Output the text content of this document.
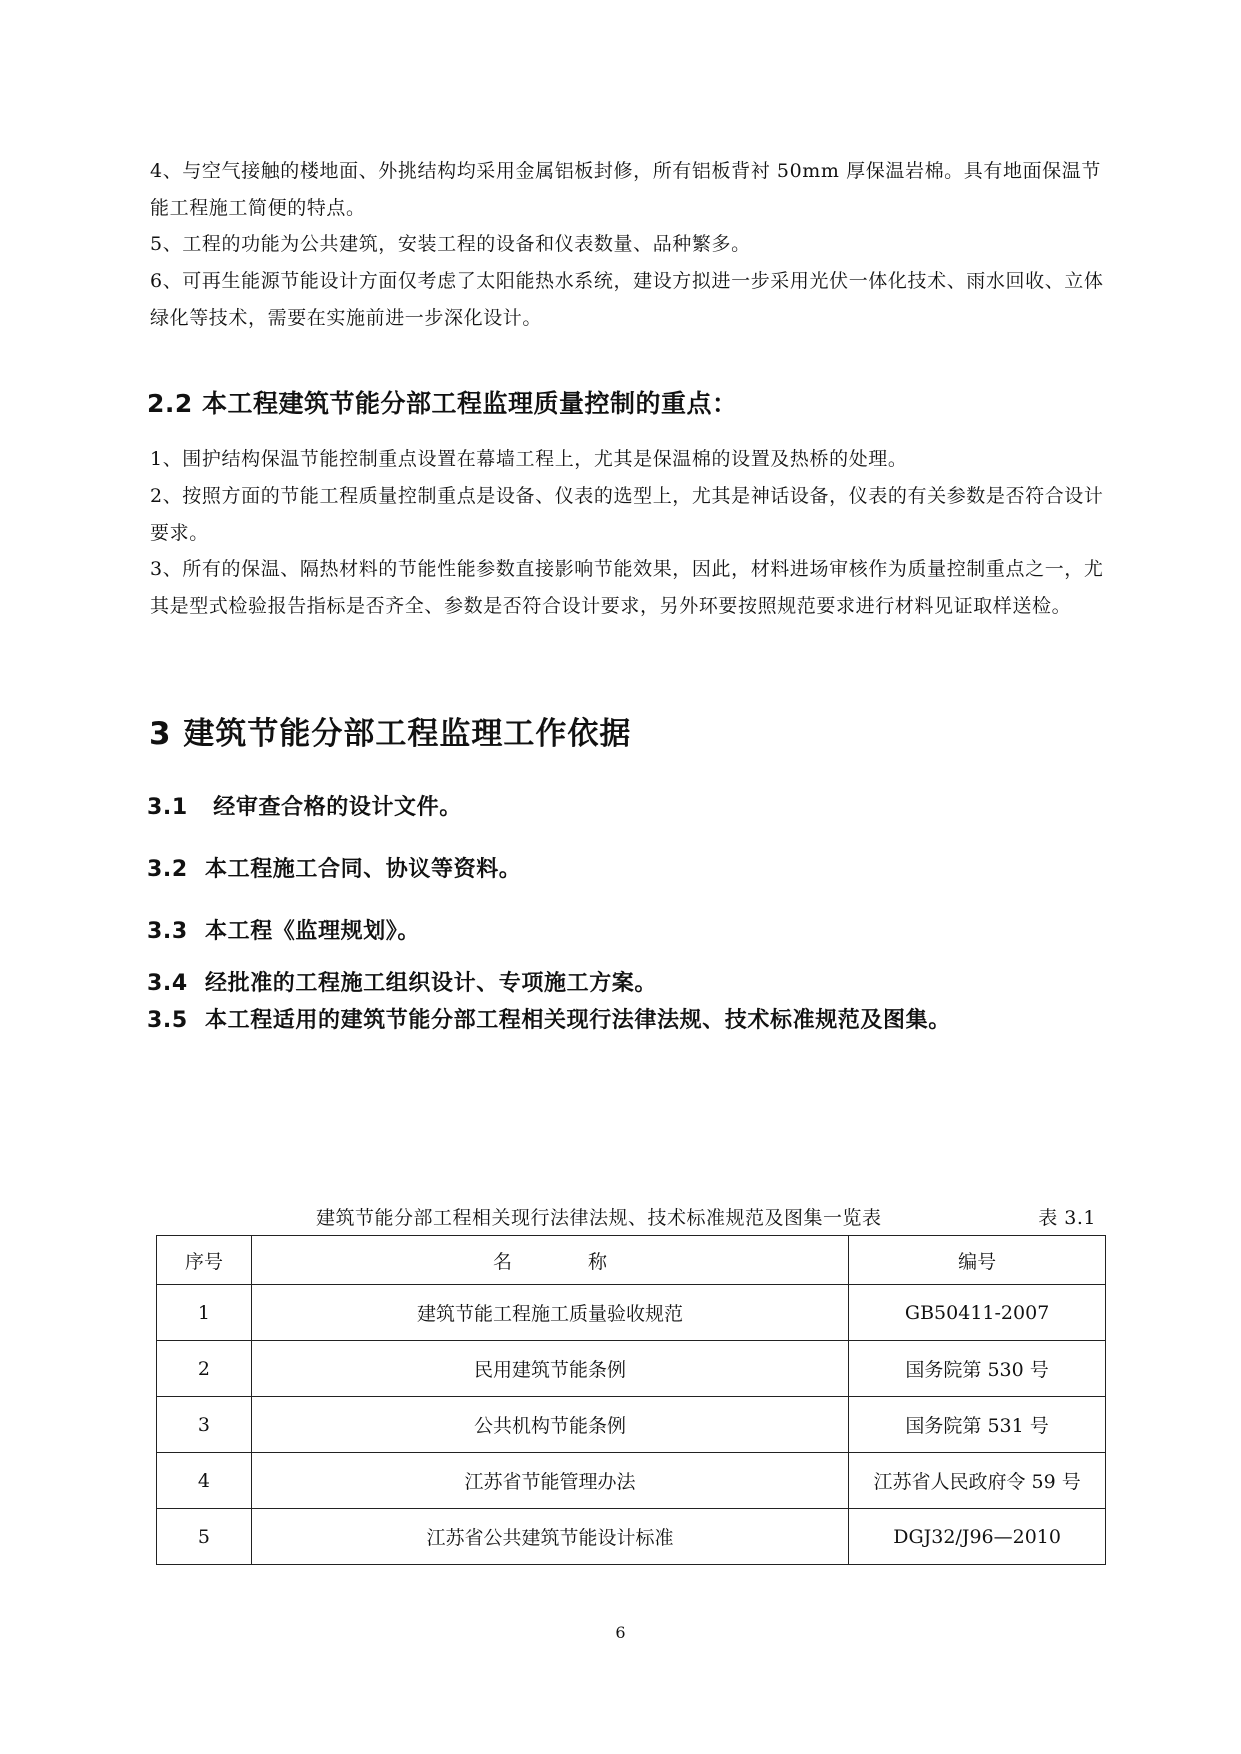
4、与空气接触的楼地面、外挑结构均采用金属铝板封修，所有铝板背衬 50mm 厚保温岩棉。具有地面保温节能工程施工简便的特点。

5、工程的功能为公共建筑，安装工程的设备和仪表数量、品种繁多。

6、可再生能源节能设计方面仅考虑了太阳能热水系统，建设方拟进一步采用光伏一体化技术、雨水回收、立体绿化等技术，需要在实施前进一步深化设计。

2.2 本工程建筑节能分部工程监理质量控制的重点：

1、围护结构保温节能控制重点设置在幕墙工程上，尤其是保温棉的设置及热桥的处理。

2、按照方面的节能工程质量控制重点是设备、仪表的选型上，尤其是神话设备，仪表的有关参数是否符合设计要求。

3、所有的保温、隔热材料的节能性能参数直接影响节能效果，因此，材料进场审核作为质量控制重点之一，尤其是型式检验报告指标是否齐全、参数是否符合设计要求，另外环要按照规范要求进行材料见证取样送检。

3 建筑节能分部工程监理工作依据
3.1 经审查合格的设计文件。
3.2 本工程施工合同、协议等资料。
3.3 本工程《监理规划》。
3.4 经批准的工程施工组织设计、专项施工方案。
3.5 本工程适用的建筑节能分部工程相关现行法律法规、技术标准规范及图集。
建筑节能分部工程相关现行法律法规、技术标准规范及图集一览表	表 3.1
序号	名　　　　称	编号
1	建筑节能工程施工质量验收规范	GB50411-2007
2	民用建筑节能条例	国务院第 530 号
3	公共机构节能条例	国务院第 531 号
4	江苏省节能管理办法	江苏省人民政府令 59 号
5	江苏省公共建筑节能设计标准	DGJ32/J96—2010
6
